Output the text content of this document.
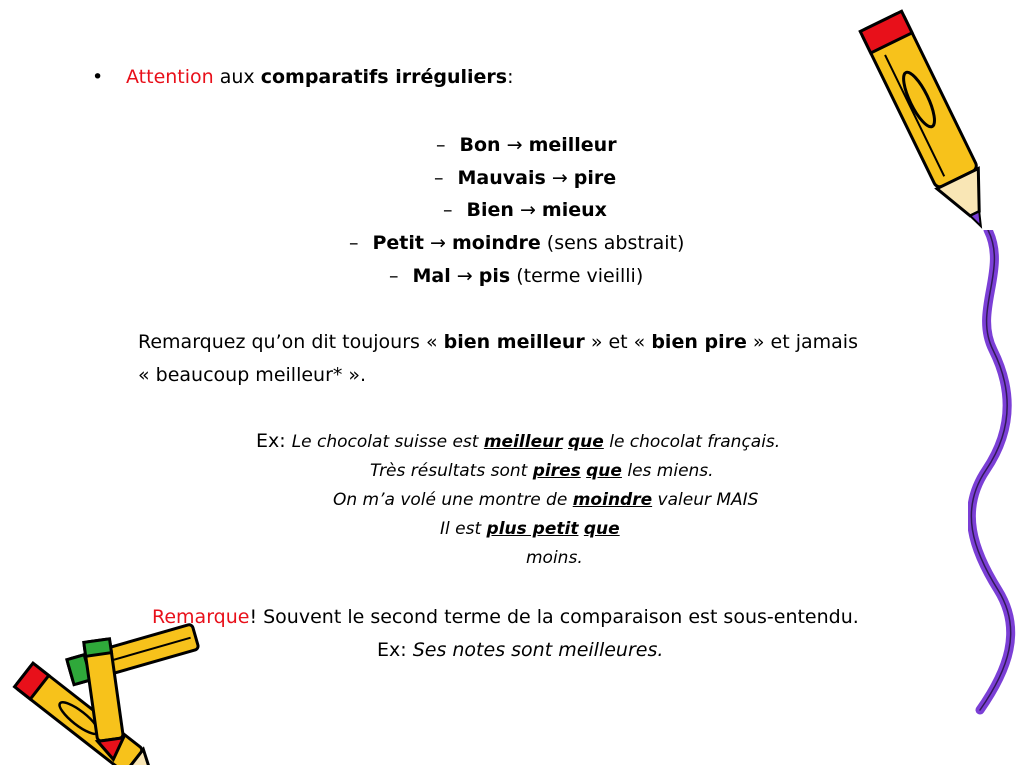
• Attention aux comparatifs irréguliers:
– Bon → meilleur
– Mauvais → pire
– Bien → mieux
– Petit → moindre (sens abstrait)
– Mal → pis (terme vieilli)
Remarquez qu’on dit toujours « bien meilleur » et « bien pire » et jamais
« beaucoup meilleur* ».
Ex: Le chocolat suisse est meilleur que le chocolat français.
Très résultats sont pires que les miens.
On m’a volé une montre de moindre valeur MAIS
Il est plus petit que
moins.
Remarque! Souvent le second terme de la comparaison est sous-entendu.
Ex: Ses notes sont meilleures.
